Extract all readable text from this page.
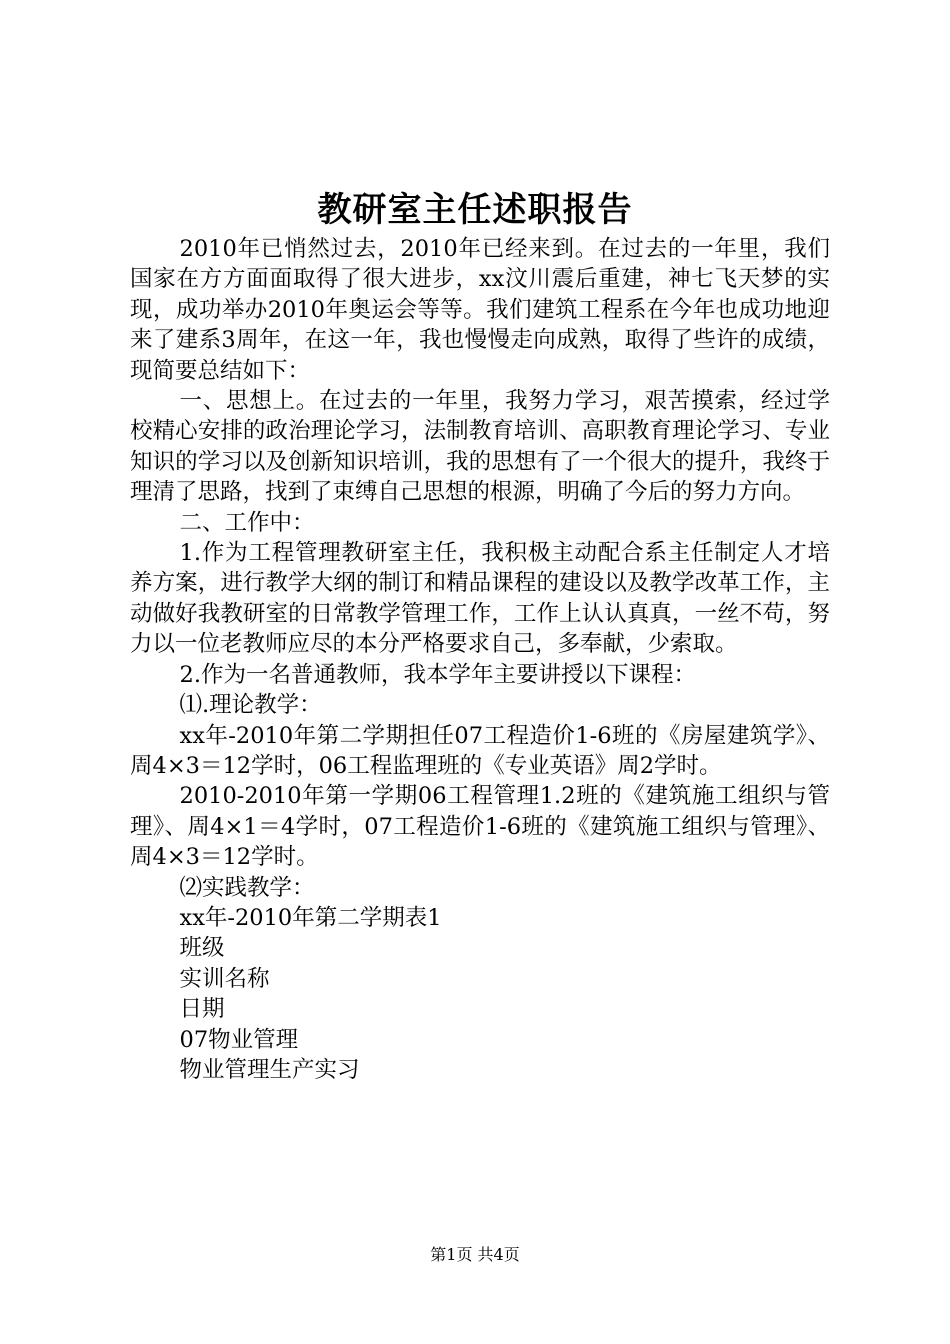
教研室主任述职报告

2010年已悄然过去，2010年已经来到。在过去的一年里，我们国家在方方面面取得了很大进步，xx汶川震后重建，神七飞天梦的实现，成功举办2010年奥运会等等。我们建筑工程系在今年也成功地迎来了建系3周年，在这一年，我也慢慢走向成熟，取得了些许的成绩，现简要总结如下：

一、思想上。在过去的一年里，我努力学习，艰苦摸索，经过学校精心安排的政治理论学习，法制教育培训、高职教育理论学习、专业知识的学习以及创新知识培训，我的思想有了一个很大的提升，我终于理清了思路，找到了束缚自己思想的根源，明确了今后的努力方向。

二、工作中：

1.作为工程管理教研室主任，我积极主动配合系主任制定人才培养方案，进行教学大纲的制订和精品课程的建设以及教学改革工作，主动做好我教研室的日常教学管理工作，工作上认认真真，一丝不苟，努力以一位老教师应尽的本分严格要求自己，多奉献，少索取。

2.作为一名普通教师，我本学年主要讲授以下课程：

⑴.理论教学：

xx年-2010年第二学期担任07工程造价1-6班的《房屋建筑学》、周4×3＝12学时，06工程监理班的《专业英语》周2学时。

2010-2010年第一学期06工程管理1.2班的《建筑施工组织与管理》、周4×1＝4学时，07工程造价1-6班的《建筑施工组织与管理》、周4×3＝12学时。

⑵实践教学：

xx年-2010年第二学期表1

班级

实训名称

日期

07物业管理

物业管理生产实习

第1页 共4页
